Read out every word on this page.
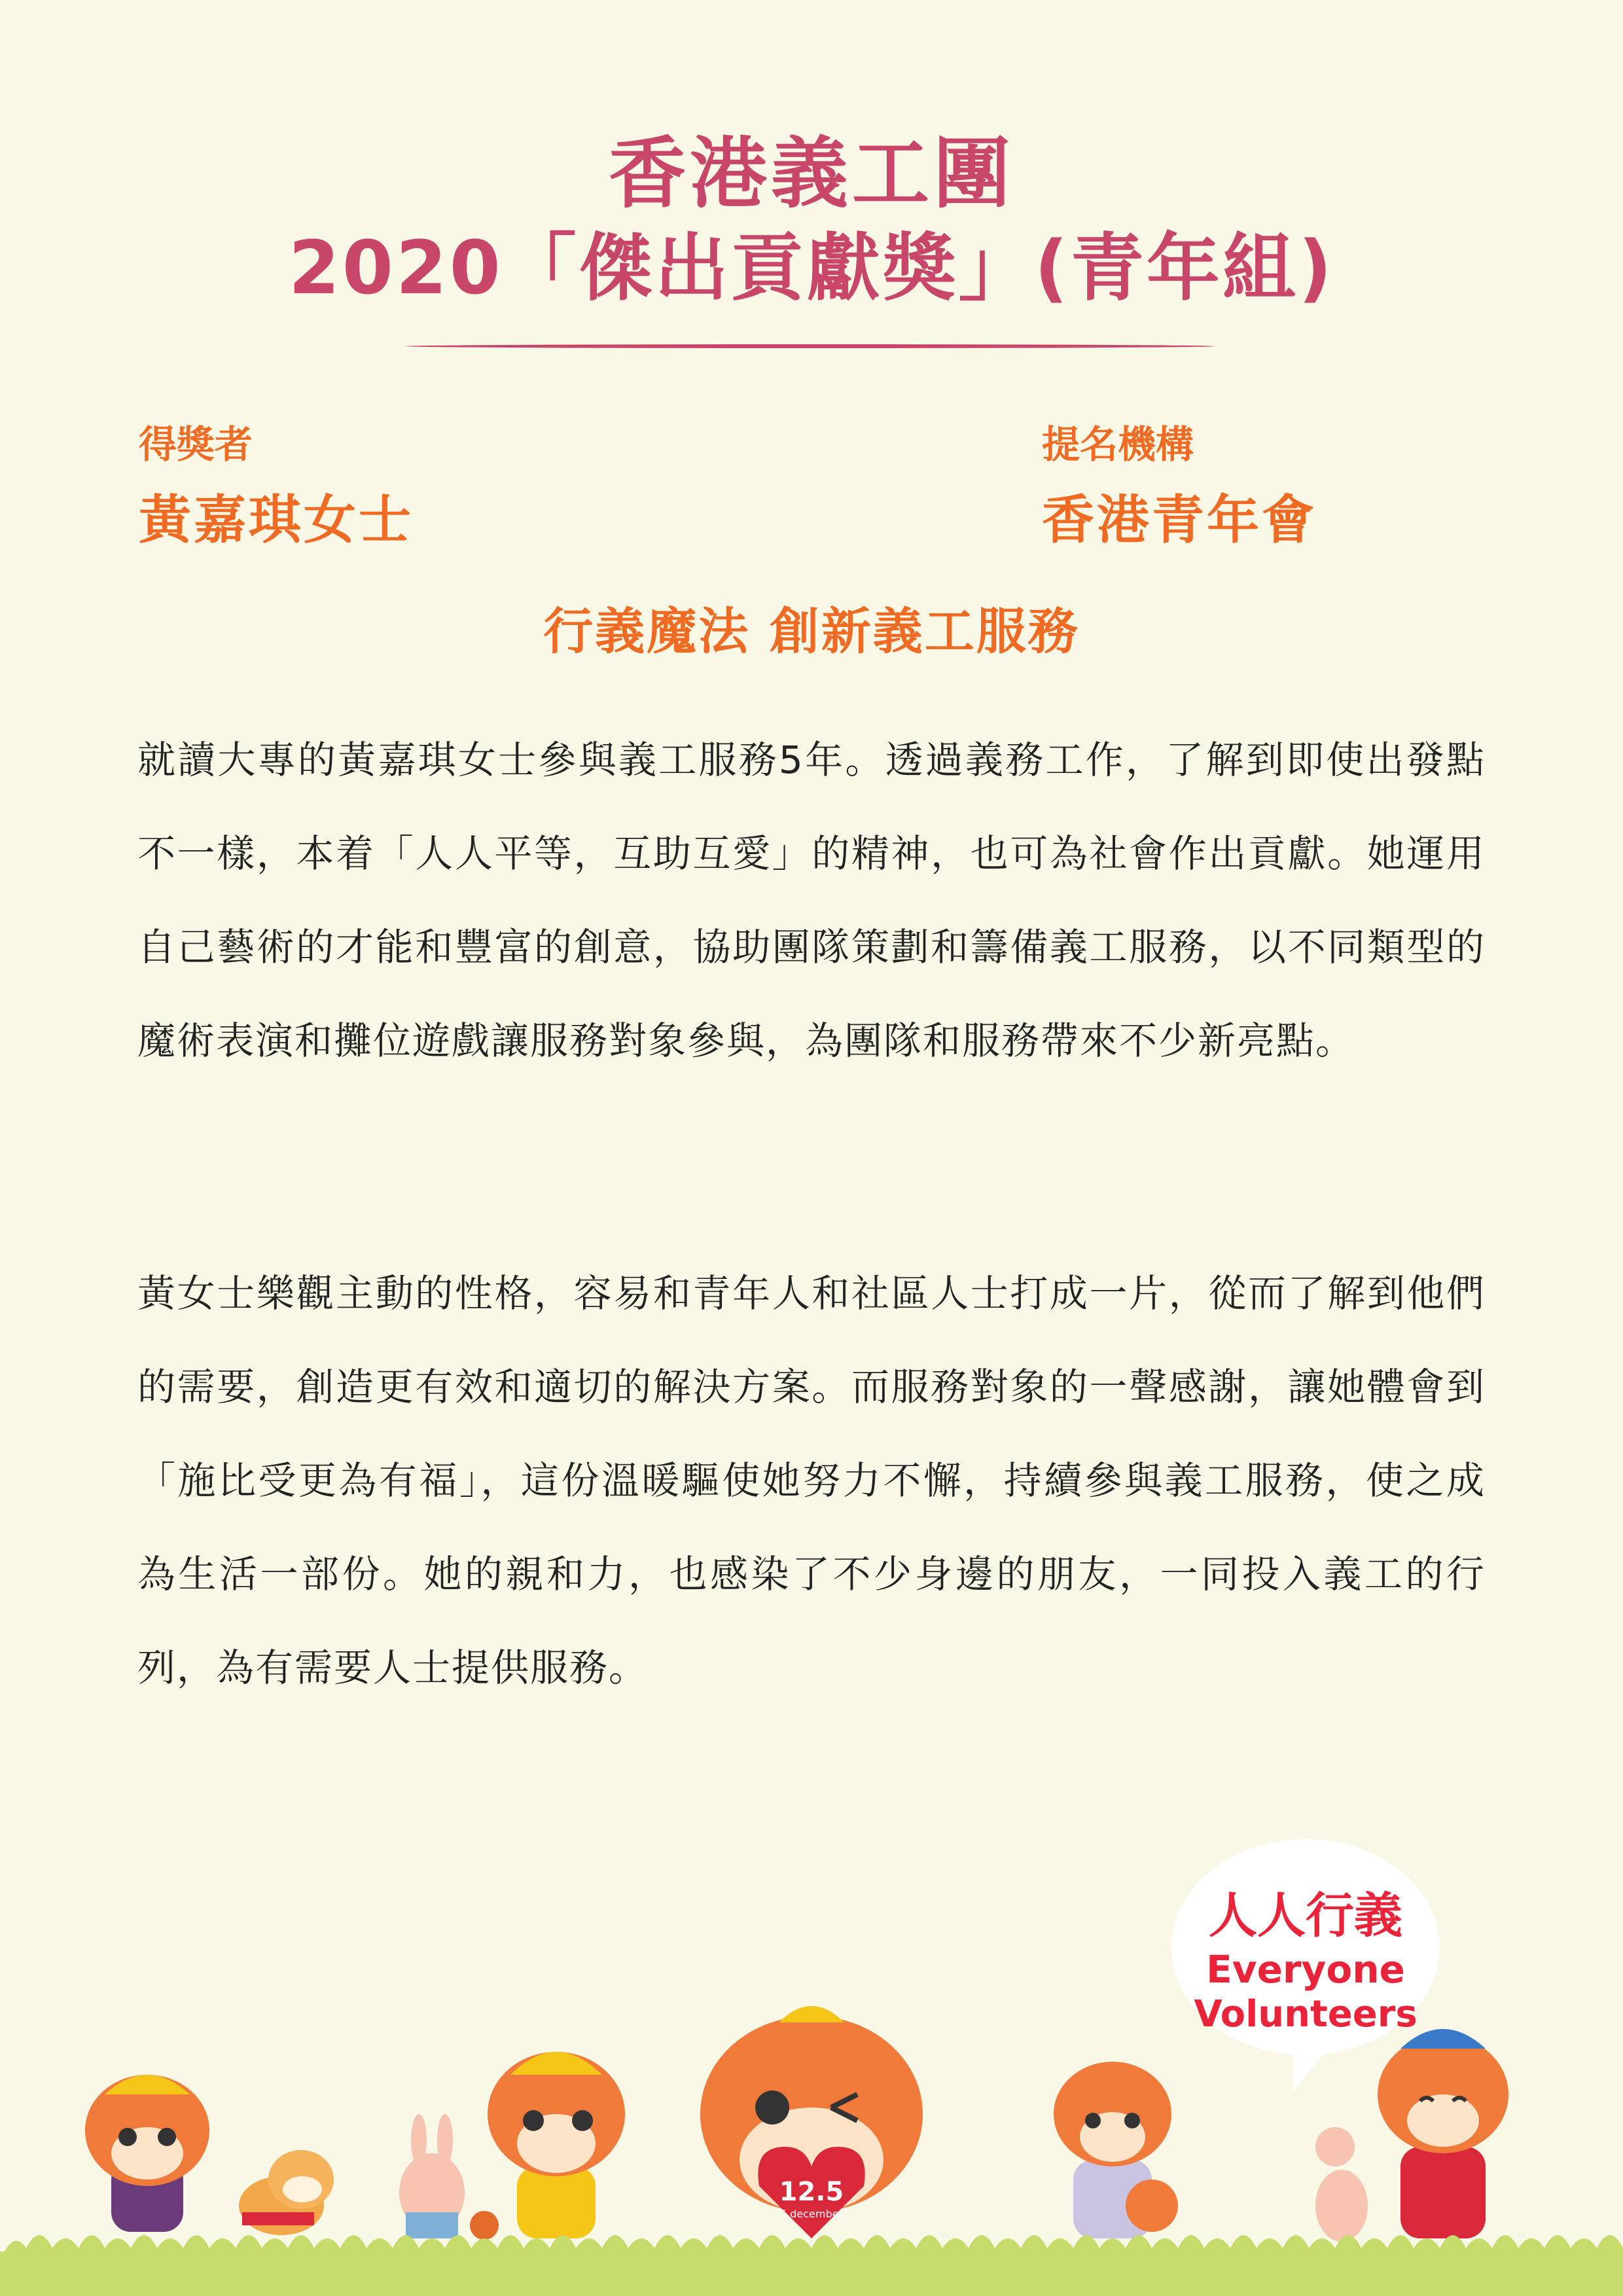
香港義工團
2020「傑出貢獻獎」(青年組)

得獎者

黃嘉琪女士

提名機構

香港青年會

行義魔法 創新義工服務

就讀大專的黃嘉琪女士參與義工服務5年。透過義務工作，了解到即使出發點不一樣，本着「人人平等，互助互愛」的精神，也可為社會作出貢獻。她運用自己藝術的才能和豐富的創意，協助團隊策劃和籌備義工服務，以不同類型的魔術表演和攤位遊戲讓服務對象參與，為團隊和服務帶來不少新亮點。

黃女士樂觀主動的性格，容易和青年人和社區人士打成一片，從而了解到他們的需要，創造更有效和適切的解決方案。而服務對象的一聲感謝，讓她體會到「施比受更為有福」，這份溫暖驅使她努力不懈，持續參與義工服務，使之成為生活一部份。她的親和力，也感染了不少身邊的朋友，一同投入義工的行列，為有需要人士提供服務。

人人行義

Everyone

Volunteers

12.5
5 december
